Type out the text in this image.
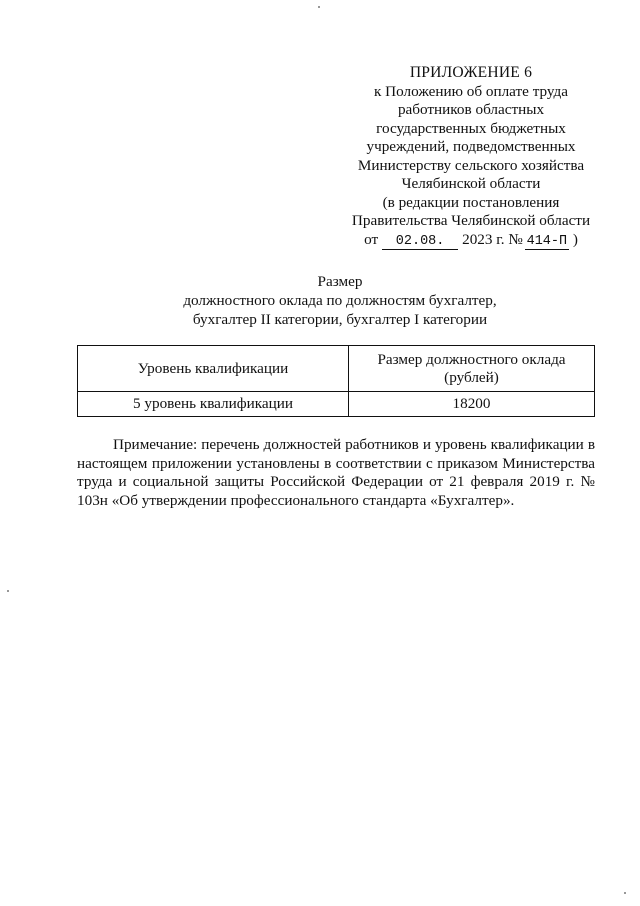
ПРИЛОЖЕНИЕ 6
к Положению об оплате труда
работников областных
государственных бюджетных
учреждений, подведомственных
Министерству сельского хозяйства
Челябинской области
(в редакции постановления
Правительства Челябинской области
от 02.08. 2023 г. № 414-П )
Размер
должностного оклада по должностям бухгалтер,
бухгалтер II категории, бухгалтер I категории
Уровень квалификации	Размер должностного оклада
(рублей)
5 уровень квалификации	18200
Примечание: перечень должностей работников и уровень квалификации в настоящем приложении установлены в соответствии с приказом Министерства труда и социальной защиты Российской Федерации от 21 февраля 2019 г. № 103н «Об утверждении профессионального стандарта «Бухгалтер».
